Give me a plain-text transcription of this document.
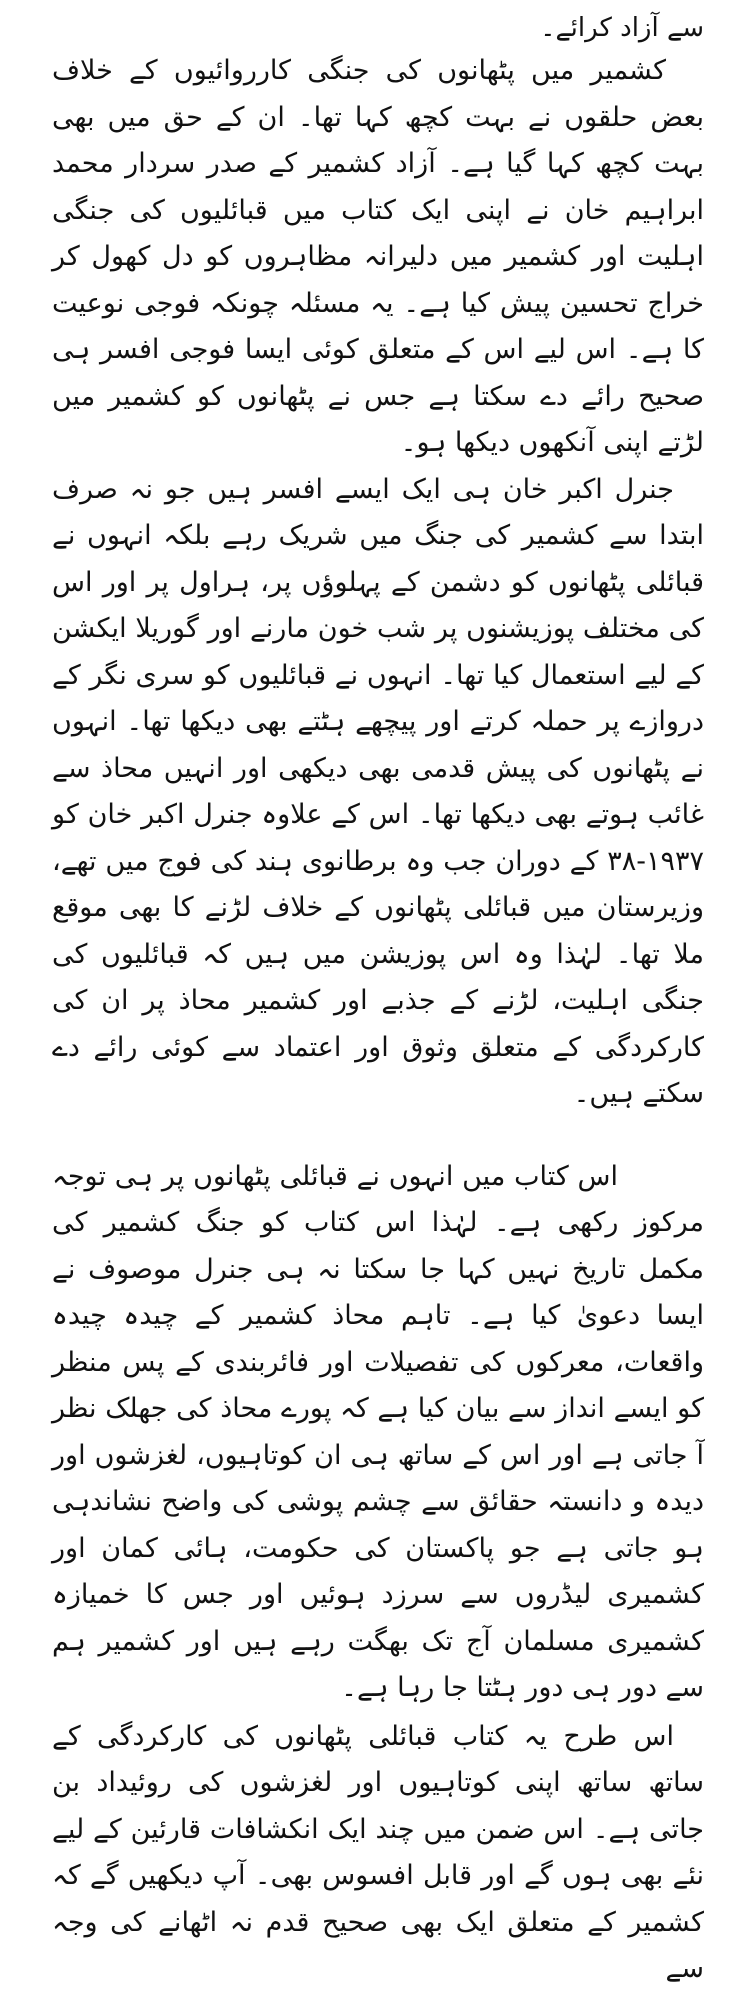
سے آزاد کرائے۔

کشمیر میں پٹھانوں کی جنگی کارروائیوں کے خلاف بعض حلقوں نے بہت کچھ کہا تھا۔ ان کے حق میں بھی بہت کچھ کہا گیا ہے۔ آزاد کشمیر کے صدر سردار محمد ابراہیم خان نے اپنی ایک کتاب میں قبائلیوں کی جنگی اہلیت اور کشمیر میں دلیرانہ مظاہروں کو دل کھول کر خراج تحسین پیش کیا ہے۔ یہ مسئلہ چونکہ فوجی نوعیت کا ہے۔ اس لیے اس کے متعلق کوئی ایسا فوجی افسر ہی صحیح رائے دے سکتا ہے جس نے پٹھانوں کو کشمیر میں لڑتے اپنی آنکھوں دیکھا ہو۔

جنرل اکبر خان ہی ایک ایسے افسر ہیں جو نہ صرف ابتدا سے کشمیر کی جنگ میں شریک رہے بلکہ انہوں نے قبائلی پٹھانوں کو دشمن کے پہلوؤں پر، ہراول پر اور اس کی مختلف پوزیشنوں پر شب خون مارنے اور گوریلا ایکشن کے لیے استعمال کیا تھا۔ انہوں نے قبائلیوں کو سری نگر کے دروازے پر حملہ کرتے اور پیچھے ہٹتے بھی دیکھا تھا۔ انہوں نے پٹھانوں کی پیش قدمی بھی دیکھی اور انہیں محاذ سے غائب ہوتے بھی دیکھا تھا۔ اس کے علاوہ جنرل اکبر خان کو ۱۹۳۷-۳۸ کے دوران جب وہ برطانوی ہند کی فوج میں تھے، وزیرستان میں قبائلی پٹھانوں کے خلاف لڑنے کا بھی موقع ملا تھا۔ لہٰذا وہ اس پوزیشن میں ہیں کہ قبائلیوں کی جنگی اہلیت، لڑنے کے جذبے اور کشمیر محاذ پر ان کی کارکردگی کے متعلق وثوق اور اعتماد سے کوئی رائے دے سکتے ہیں۔

اس کتاب میں انہوں نے قبائلی پٹھانوں پر ہی توجہ مرکوز رکھی ہے۔ لہٰذا اس کتاب کو جنگ کشمیر کی مکمل تاریخ نہیں کہا جا سکتا نہ ہی جنرل موصوف نے ایسا دعویٰ کیا ہے۔ تاہم محاذ کشمیر کے چیدہ چیدہ واقعات، معرکوں کی تفصیلات اور فائربندی کے پس منظر کو ایسے انداز سے بیان کیا ہے کہ پورے محاذ کی جھلک نظر آ جاتی ہے اور اس کے ساتھ ہی ان کوتاہیوں، لغزشوں اور دیدہ و دانستہ حقائق سے چشم پوشی کی واضح نشاندہی ہو جاتی ہے جو پاکستان کی حکومت، ہائی کمان اور کشمیری لیڈروں سے سرزد ہوئیں اور جس کا خمیازہ کشمیری مسلمان آج تک بھگت رہے ہیں اور کشمیر ہم سے دور ہی دور ہٹتا جا رہا ہے۔

اس طرح یہ کتاب قبائلی پٹھانوں کی کارکردگی کے ساتھ ساتھ اپنی کوتاہیوں اور لغزشوں کی روئیداد بن جاتی ہے۔ اس ضمن میں چند ایک انکشافات قارئین کے لیے نئے بھی ہوں گے اور قابل افسوس بھی۔ آپ دیکھیں گے کہ کشمیر کے متعلق ایک بھی صحیح قدم نہ اٹھانے کی وجہ سے
